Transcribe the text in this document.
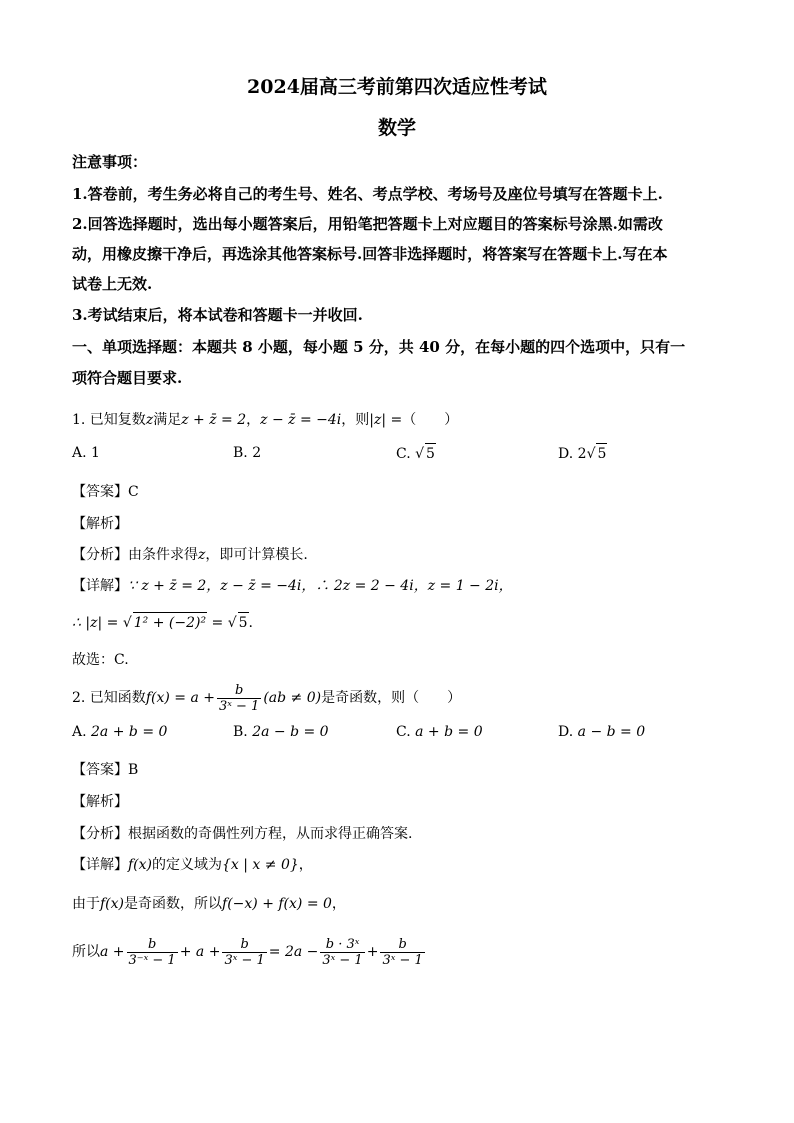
2024届高三考前第四次适应性考试
数学
注意事项：
1.答卷前，考生务必将自己的考生号、姓名、考点学校、考场号及座位号填写在答题卡上.
2.回答选择题时，选出每小题答案后，用铅笔把答题卡上对应题目的答案标号涂黑.如需改
动，用橡皮擦干净后，再选涂其他答案标号.回答非选择题时，将答案写在答题卡上.写在本
试卷上无效.
3.考试结束后，将本试卷和答题卡一并收回.
一、单项选择题：本题共 8 小题，每小题 5 分，共 40 分，在每小题的四个选项中，只有一
项符合题目要求.
1. 已知复数z满足z + z̄ = 2，z − z̄ = −4i，则|z| =（　　）
A. 1	B. 2	C. √ 5	D. 2√ 5
【答案】C
【解析】
【分析】由条件求得z，即可计算模长.
【详解】∵ z + z̄ = 2，z − z̄ = −4i，∴ 2z = 2 − 4i，z = 1 − 2i，
∴ |z| = √ 1² + (−2)² = √ 5.
故选：C.
2. 已知函数$f(x) = a + \frac{b}{\text{3ˣ − 1}} (ab \ne 0)$是奇函数，则（　　）
A. 2a + b = 0	B. 2a − b = 0	C. a + b = 0	D. a − b = 0
【答案】B
【解析】
【分析】根据函数的奇偶性列方程，从而求得正确答案.
【详解】f(x)的定义域为{x | x ≠ 0}，
由于f(x)是奇函数，所以f(−x) + f(x) = 0，
所以$a + \frac{b}{\text{3⁻ˣ − 1}} + a + \frac{b}{\text{3ˣ − 1}} = 2a - \frac{\text{b · 3ˣ}}{\text{3ˣ − 1}} + \frac{b}{\text{3ˣ − 1}}$
